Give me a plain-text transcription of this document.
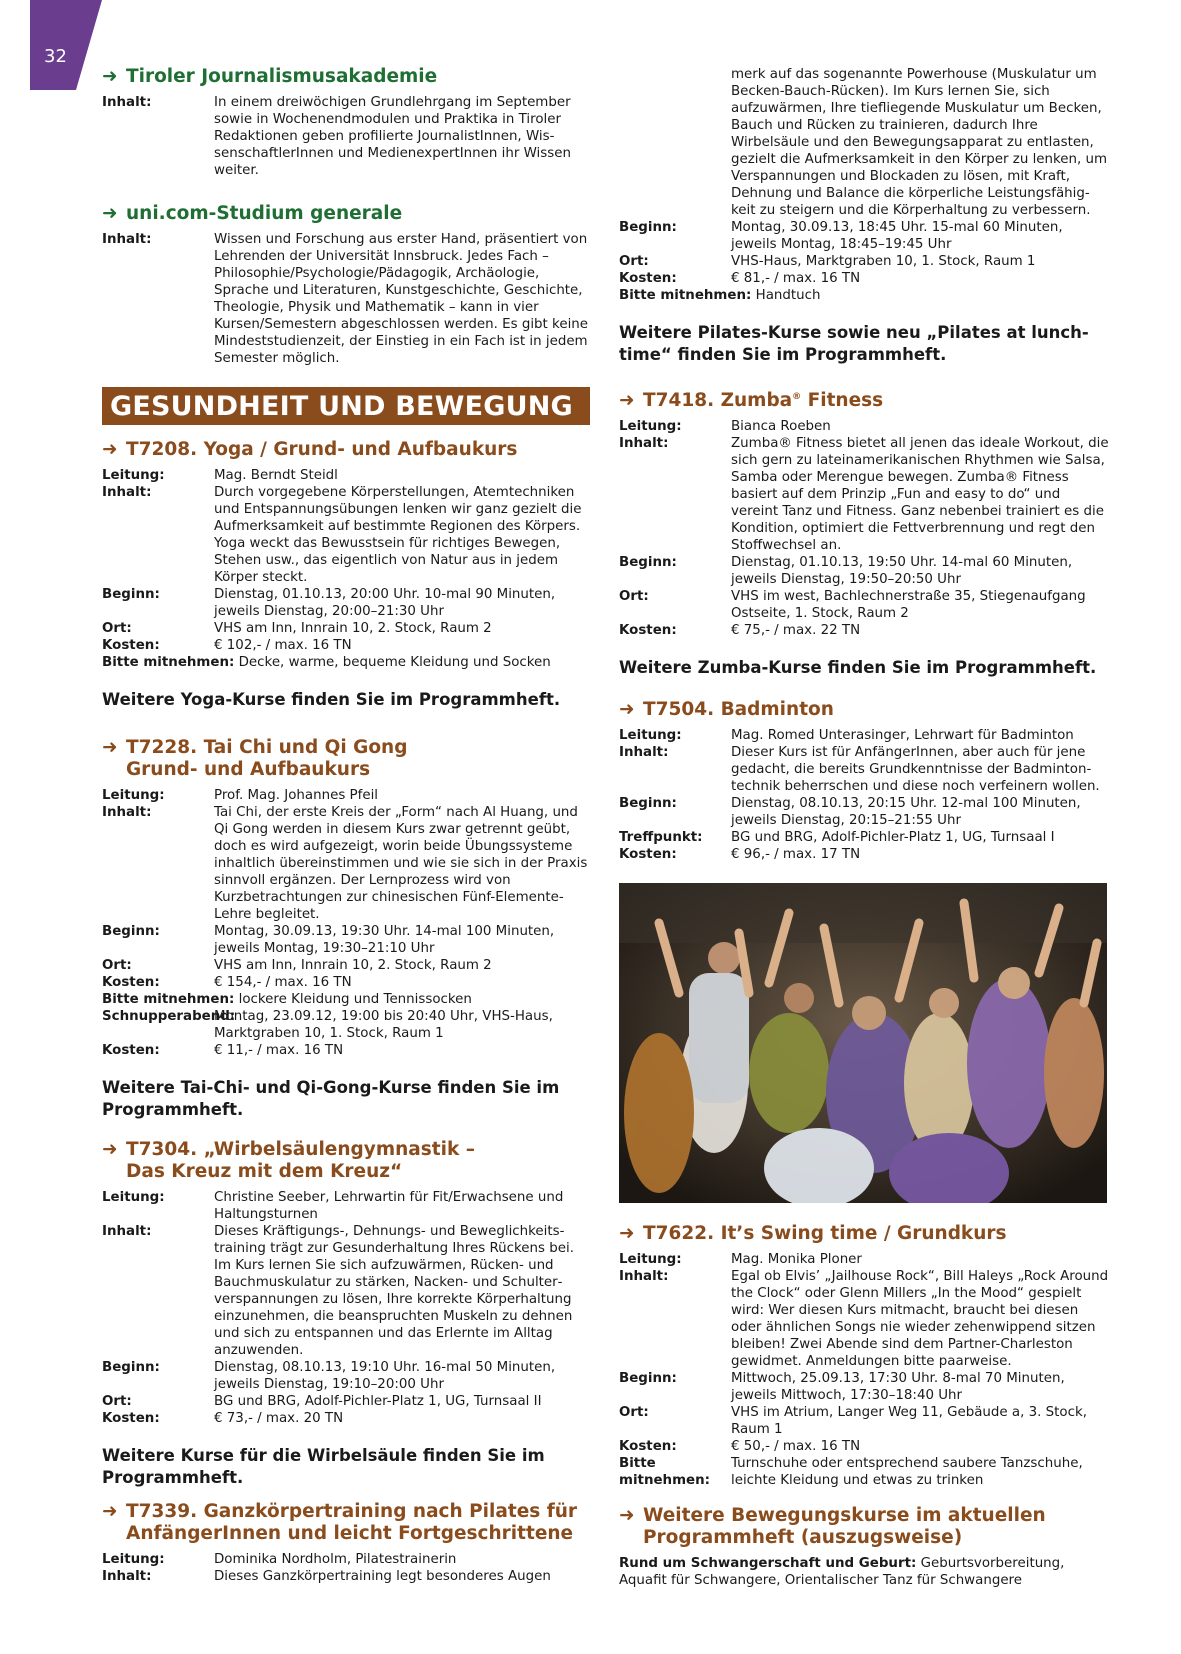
32
➜ Tiroler Journalismusakademie
Inhalt:	In einem dreiwöchigen Grundlehrgang im September sowie in Wochenendmodulen und Praktika in Tiroler Redaktionen geben profilierte JournalistInnen, WissenschaftlerInnen und MedienexpertInnen ihr Wissen weiter.
➜ uni.com-Studium generale
Inhalt:	Wissen und Forschung aus erster Hand, präsentiert von Lehrenden der Universität Innsbruck. Jedes Fach – Philosophie/Psychologie/Pädagogik, Archäologie, Sprache und Literaturen, Kunstgeschichte, Geschichte, Theologie, Physik und Mathematik – kann in vier Kursen/Semestern abgeschlossen werden. Es gibt keine Mindeststudienzeit, der Einstieg in ein Fach ist in jedem Semester möglich.
GESUNDHEIT UND BEWEGUNG
➜ T7208. Yoga / Grund- und Aufbaukurs
Leitung:	Mag. Berndt Steidl
Inhalt:	Durch vorgegebene Körperstellungen, Atemtechniken und Entspannungsübungen lenken wir ganz gezielt die Aufmerksamkeit auf bestimmte Regionen des Körpers. Yoga weckt das Bewusstsein für richtiges Bewegen, Stehen usw., das eigentlich von Natur aus in jedem Körper steckt.
Beginn:	Dienstag, 01.10.13, 20:00 Uhr. 10-mal 90 Minuten, jeweils Dienstag, 20:00–21:30 Uhr
Ort:	VHS am Inn, Innrain 10, 2. Stock, Raum 2
Kosten:	€ 102,- / max. 16 TN
Bitte mitnehmen: Decke, warme, bequeme Kleidung und Socken
Weitere Yoga-Kurse finden Sie im Programmheft.
➜ T7228. Tai Chi und Qi Gong
Grund- und Aufbaukurs
Leitung:	Prof. Mag. Johannes Pfeil
Inhalt:	Tai Chi, der erste Kreis der „Form“ nach Al Huang, und Qi Gong werden in diesem Kurs zwar getrennt geübt, doch es wird aufgezeigt, worin beide Übungssysteme inhaltlich übereinstimmen und wie sie sich in der Praxis sinnvoll ergänzen. Der Lernprozess wird von Kurzbetrachtungen zur chinesischen Fünf-Elemente-Lehre begleitet.
Beginn:	Montag, 30.09.13, 19:30 Uhr. 14-mal 100 Minuten, jeweils Montag, 19:30–21:10 Uhr
Ort:	VHS am Inn, Innrain 10, 2. Stock, Raum 2
Kosten:	€ 154,- / max. 16 TN
Bitte mitnehmen: lockere Kleidung und Tennissocken
Schnupperabend:
Montag, 23.09.12, 19:00 bis 20:40 Uhr, VHS-Haus, Marktgraben 10, 1. Stock, Raum 1
Kosten:	€ 11,- / max. 16 TN
Weitere Tai-Chi- und Qi-Gong-Kurse finden Sie im Programmheft.
➜ T7304. „Wirbelsäulengymnastik –
Das Kreuz mit dem Kreuz“
Leitung:	Christine Seeber, Lehrwartin für Fit/Erwachsene und Haltungsturnen
Inhalt:	Dieses Kräftigungs-, Dehnungs- und Beweglichkeitstraining trägt zur Gesunderhaltung Ihres Rückens bei. Im Kurs lernen Sie sich aufzuwärmen, Rücken- und Bauchmuskulatur zu stärken, Nacken- und Schulterverspannungen zu lösen, Ihre korrekte Körperhaltung einzunehmen, die beanspruchten Muskeln zu dehnen und sich zu entspannen und das Erlernte im Alltag anzuwenden.
Beginn:	Dienstag, 08.10.13, 19:10 Uhr. 16-mal 50 Minuten, jeweils Dienstag, 19:10–20:00 Uhr
Ort:	BG und BRG, Adolf-Pichler-Platz 1, UG, Turnsaal II
Kosten:	€ 73,- / max. 20 TN
Weitere Kurse für die Wirbelsäule finden Sie im Programmheft.
➜ T7339. Ganzkörpertraining nach Pilates für
AnfängerInnen und leicht Fortgeschrittene
Leitung:	Dominika Nordholm, Pilatestrainerin
Inhalt:	Dieses Ganzkörpertraining legt besonderes Augen
merk auf das sogenannte Powerhouse (Muskulatur um Becken-Bauch-Rücken). Im Kurs lernen Sie, sich aufzuwärmen, Ihre tiefliegende Muskulatur um Becken, Bauch und Rücken zu trainieren, dadurch Ihre Wirbelsäule und den Bewegungsapparat zu entlasten, gezielt die Aufmerksamkeit in den Körper zu lenken, um Verspannungen und Blockaden zu lösen, mit Kraft, Dehnung und Balance die körperliche Leistungsfähigkeit zu steigern und die Körperhaltung zu verbessern.
Beginn:	Montag, 30.09.13, 18:45 Uhr. 15-mal 60 Minuten, jeweils Montag, 18:45–19:45 Uhr
Ort:	VHS-Haus, Marktgraben 10, 1. Stock, Raum 1
Kosten:	€ 81,- / max. 16 TN
Bitte mitnehmen: Handtuch
Weitere Pilates-Kurse sowie neu „Pilates at lunchtime“ finden Sie im Programmheft.
➜ T7418. Zumba® Fitness
Leitung:	Bianca Roeben
Inhalt:	Zumba® Fitness bietet all jenen das ideale Workout, die sich gern zu lateinamerikanischen Rhythmen wie Salsa, Samba oder Merengue bewegen. Zumba® Fitness basiert auf dem Prinzip „Fun and easy to do“ und vereint Tanz und Fitness. Ganz nebenbei trainiert es die Kondition, optimiert die Fettverbrennung und regt den Stoffwechsel an.
Beginn:	Dienstag, 01.10.13, 19:50 Uhr. 14-mal 60 Minuten, jeweils Dienstag, 19:50–20:50 Uhr
Ort:	VHS im west, Bachlechnerstraße 35, Stiegenaufgang Ostseite, 1. Stock, Raum 2
Kosten:	€ 75,- / max. 22 TN
Weitere Zumba-Kurse finden Sie im Programmheft.
➜ T7504. Badminton
Leitung:	Mag. Romed Unterasinger, Lehrwart für Badminton
Inhalt:	Dieser Kurs ist für AnfängerInnen, aber auch für jene gedacht, die bereits Grundkenntnisse der Badmintontechnik beherrschen und diese noch verfeinern wollen.
Beginn:	Dienstag, 08.10.13, 20:15 Uhr. 12-mal 100 Minuten, jeweils Dienstag, 20:15–21:55 Uhr
Treffpunkt:	BG und BRG, Adolf-Pichler-Platz 1, UG, Turnsaal I
Kosten:	€ 96,- / max. 17 TN
➜ T7622. It’s Swing time / Grundkurs
Leitung:	Mag. Monika Ploner
Inhalt:	Egal ob Elvis’ „Jailhouse Rock“, Bill Haleys „Rock Around the Clock“ oder Glenn Millers „In the Mood“ gespielt wird: Wer diesen Kurs mitmacht, braucht bei diesen oder ähnlichen Songs nie wieder zehenwippend sitzen bleiben! Zwei Abende sind dem Partner-Charleston gewidmet. Anmeldungen bitte paarweise.
Beginn:	Mittwoch, 25.09.13, 17:30 Uhr. 8-mal 70 Minuten, jeweils Mittwoch, 17:30–18:40 Uhr
Ort:	VHS im Atrium, Langer Weg 11, Gebäude a, 3. Stock, Raum 1
Kosten:	€ 50,- / max. 16 TN
Bitte mitnehmen:
Turnschuhe oder entsprechend saubere Tanzschuhe, leichte Kleidung und etwas zu trinken
➜ Weitere Bewegungskurse im aktuellen
Programmheft (auszugsweise)
Rund um Schwangerschaft und Geburt: Geburtsvorbereitung, Aquafit für Schwangere, Orientalischer Tanz für Schwangere
